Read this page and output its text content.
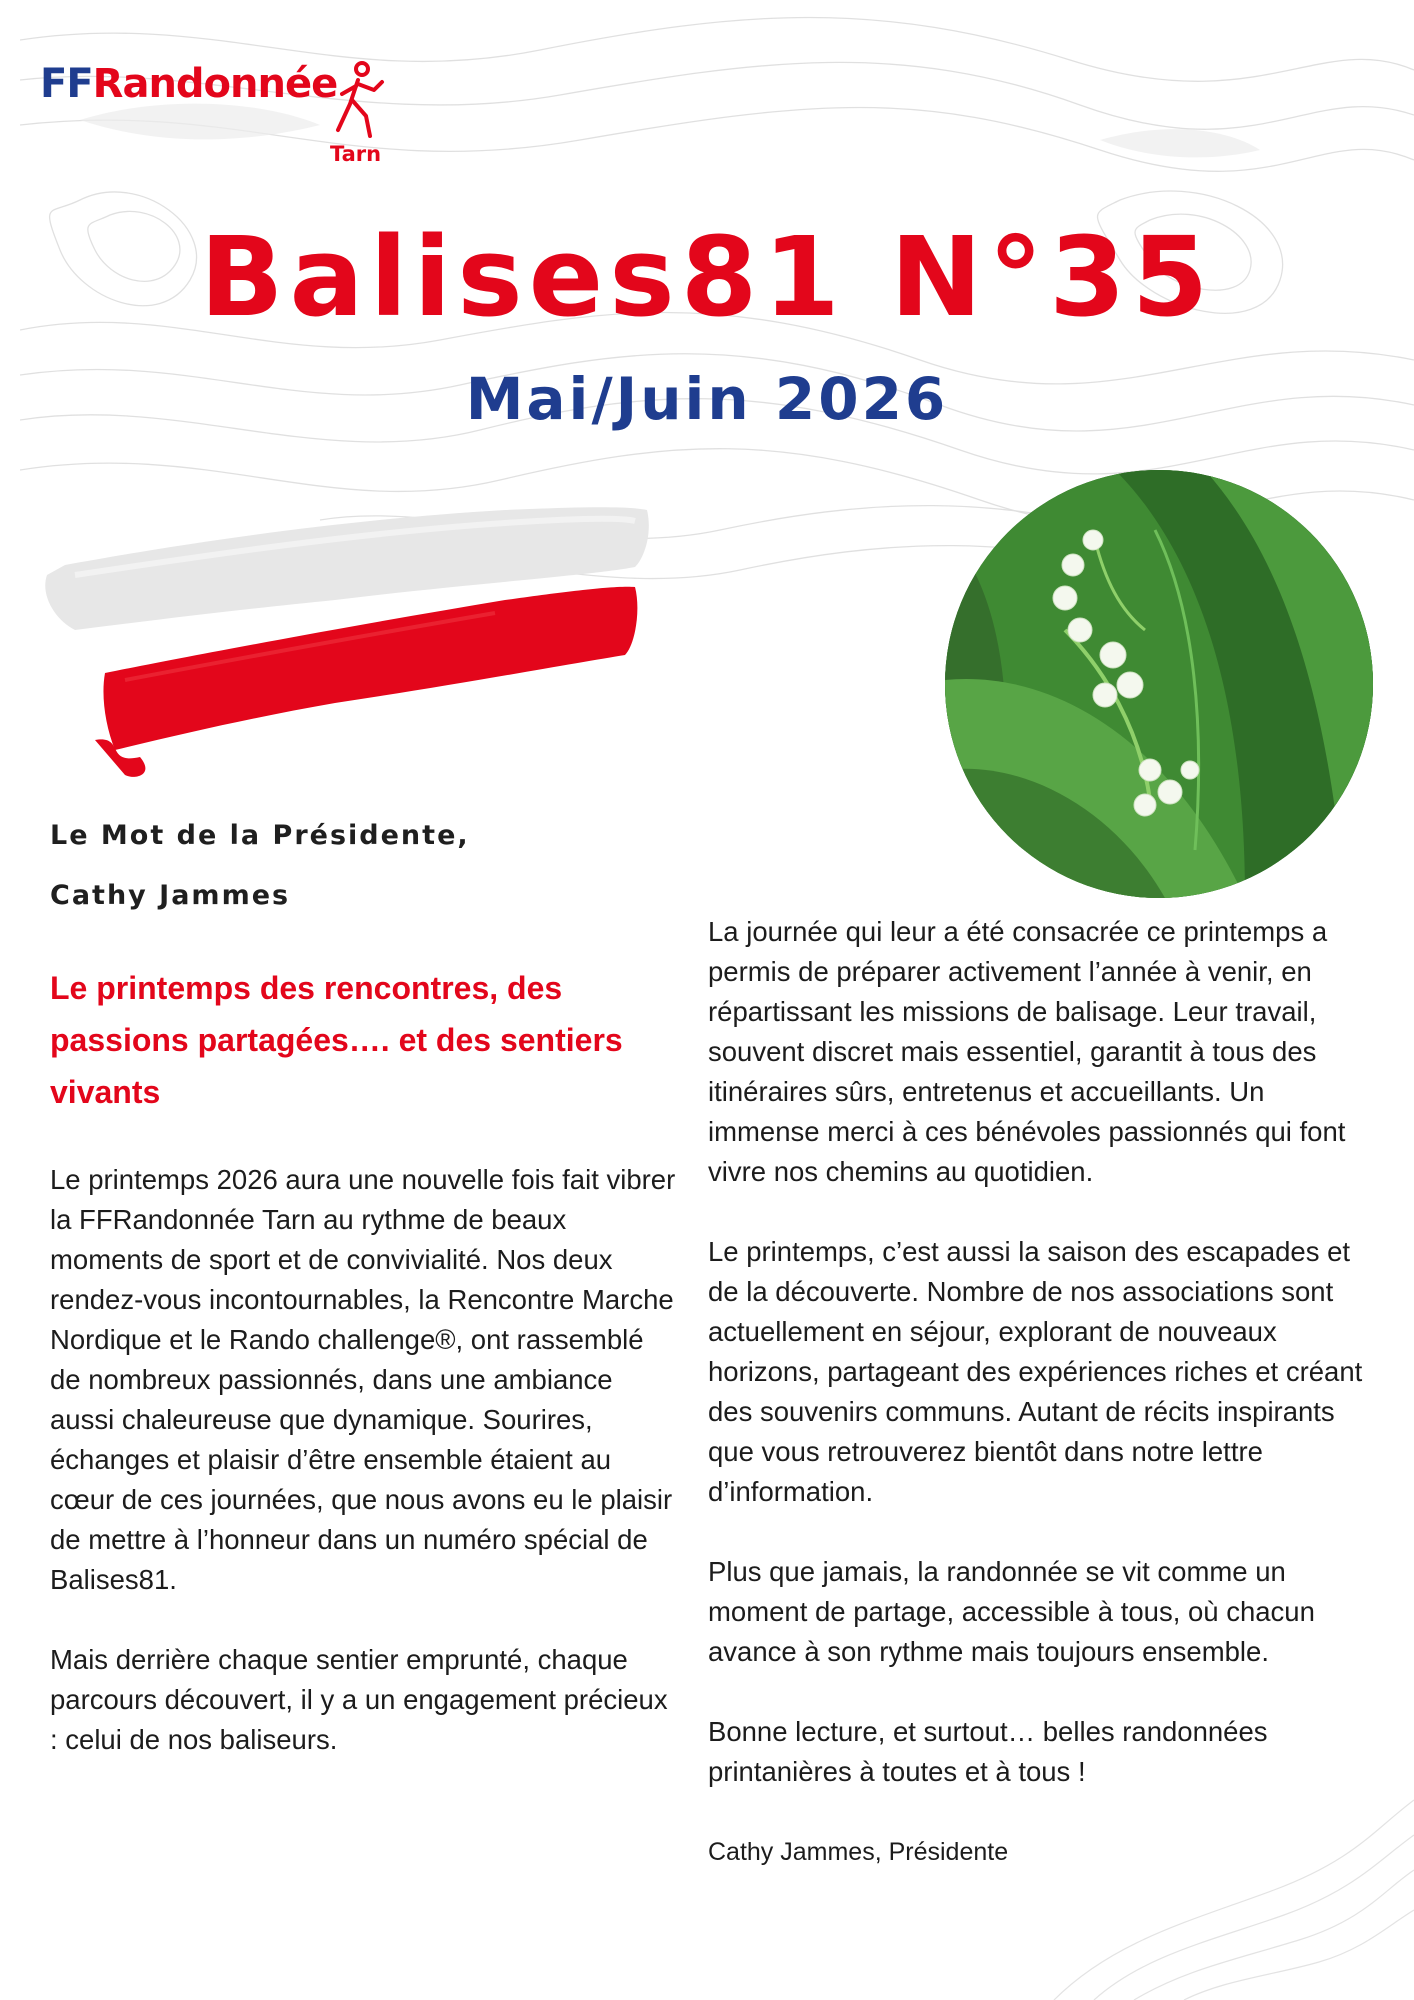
FFRandonnée
Tarn
Balises81 N°35
Mai/Juin 2026
Le Mot de la Présidente,
Cathy Jammes
Le printemps des rencontres, des passions partagées…. et des sentiers vivants

Le printemps 2026 aura une nouvelle fois fait vibrer la FFRandonnée Tarn au rythme de beaux moments de sport et de convivialité. Nos deux rendez-vous incontournables, la Rencontre Marche Nordique et le Rando challenge®, ont rassemblé de nombreux passionnés, dans une ambiance aussi chaleureuse que dynamique. Sourires, échanges et plaisir d’être ensemble étaient au cœur de ces journées, que nous avons eu le plaisir de mettre à l’honneur dans un numéro spécial de Balises81.

Mais derrière chaque sentier emprunté, chaque parcours découvert, il y a un engagement précieux : celui de nos baliseurs.

La journée qui leur a été consacrée ce printemps a permis de préparer activement l’année à venir, en répartissant les missions de balisage. Leur travail, souvent discret mais essentiel, garantit à tous des itinéraires sûrs, entretenus et accueillants. Un immense merci à ces bénévoles passionnés qui font vivre nos chemins au quotidien.

Le printemps, c’est aussi la saison des escapades et de la découverte. Nombre de nos associations sont actuellement en séjour, explorant de nouveaux horizons, partageant des expériences riches et créant des souvenirs communs. Autant de récits inspirants que vous retrouverez bientôt dans notre lettre d’information.

Plus que jamais, la randonnée se vit comme un moment de partage, accessible à tous, où chacun avance à son rythme mais toujours ensemble.

Bonne lecture, et surtout… belles randonnées printanières à toutes et à tous !

Cathy Jammes, Présidente
